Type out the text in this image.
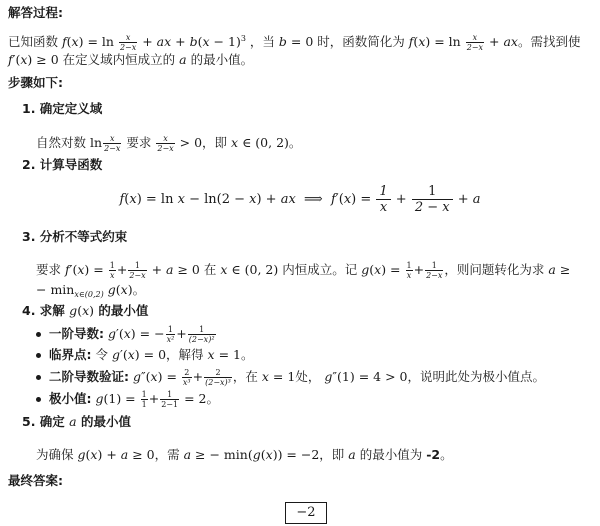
解答过程:
已知函数 $f(x) = \ln \frac{x}{2-x}$ + ax + $b(x - 1)^3$ ，当 b = 0 时，函数简化为 $f(x) = \ln \frac{x}{2-x}$ + ax。需找到使
f′(x) ≥ 0 在定义域内恒成立的 a 的最小值。
步骤如下:
1. 确定定义域
自然对数 $\ln \frac{x}{2-x}$ 要求 $\frac{x}{2-x} > 0$，即 x ∈ (0, 2)。
2. 计算导函数
f(x) = ln x − ln(2 − x) + ax  ⟹  $f'(x) = \frac{1}{x} + \frac{1}{2 - x} + a$
3. 分析不等式约束
要求 $f'(x) = \frac{1}{x} + \frac{1}{2-x} + a \ge 0$ 在 x ∈ (0, 2) 内恒成立。记 $g(x) = \frac{1}{x} + \frac{1}{2-x}$ ，则问题转化为求 a ≥
− $\min_{x\in(0,2)} g(x)$。
4. 求解 g(x) 的最小值
一阶导数: g′(x) = − $\frac{1}{\text{x²}} + \frac{1}{\text{(2−x)²}}$
临界点: 令 g′(x) = 0，解得 x = 1。
二阶导数验证: $g''(x) = \frac{2}{\text{x³}} + \frac{2}{\text{(2−x)³}}$ ，在 x = 1处， g″(1) = 4 > 0，说明此处为极小值点。
极小值: $g(1) = \frac{1}{1} + \frac{1}{2-1} = 2$。
5. 确定 a 的最小值
为确保 g(x) + a ≥ 0，需 a ≥ − min(g(x)) = −2，即 a 的最小值为 -2。
最终答案:
−2
